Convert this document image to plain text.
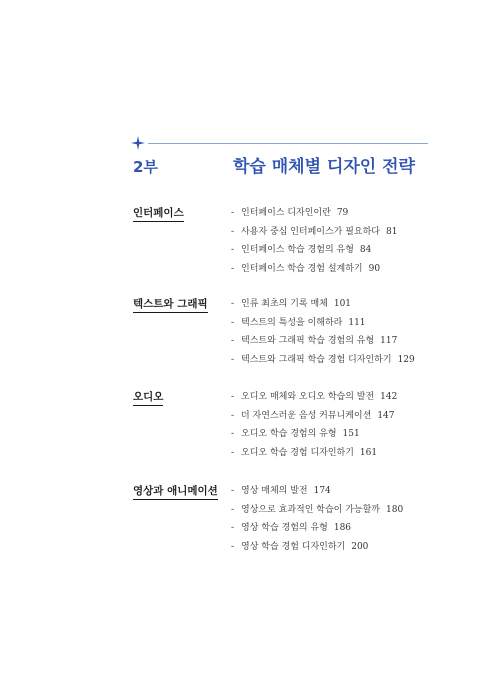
2부	학습 매체별 디자인 전략
인터페이스	- 인터페이스 디자인이란 79
- 사용자 중심 인터페이스가 필요하다 81
- 인터페이스 학습 경험의 유형 84
- 인터페이스 학습 경험 설계하기 90
텍스트와 그래픽	- 인류 최초의 기록 매체 101
- 텍스트의 특성을 이해하라 111
- 텍스트와 그래픽 학습 경험의 유형 117
- 텍스트와 그래픽 학습 경험 디자인하기 129
오디오	- 오디오 매체와 오디오 학습의 발전 142
- 더 자연스러운 음성 커뮤니케이션 147
- 오디오 학습 경험의 유형 151
- 오디오 학습 경험 디자인하기 161
영상과 애니메이션 - 영상 매체의 발전 174
- 영상으로 효과적인 학습이 가능할까 180
- 영상 학습 경험의 유형 186
- 영상 학습 경험 디자인하기 200
